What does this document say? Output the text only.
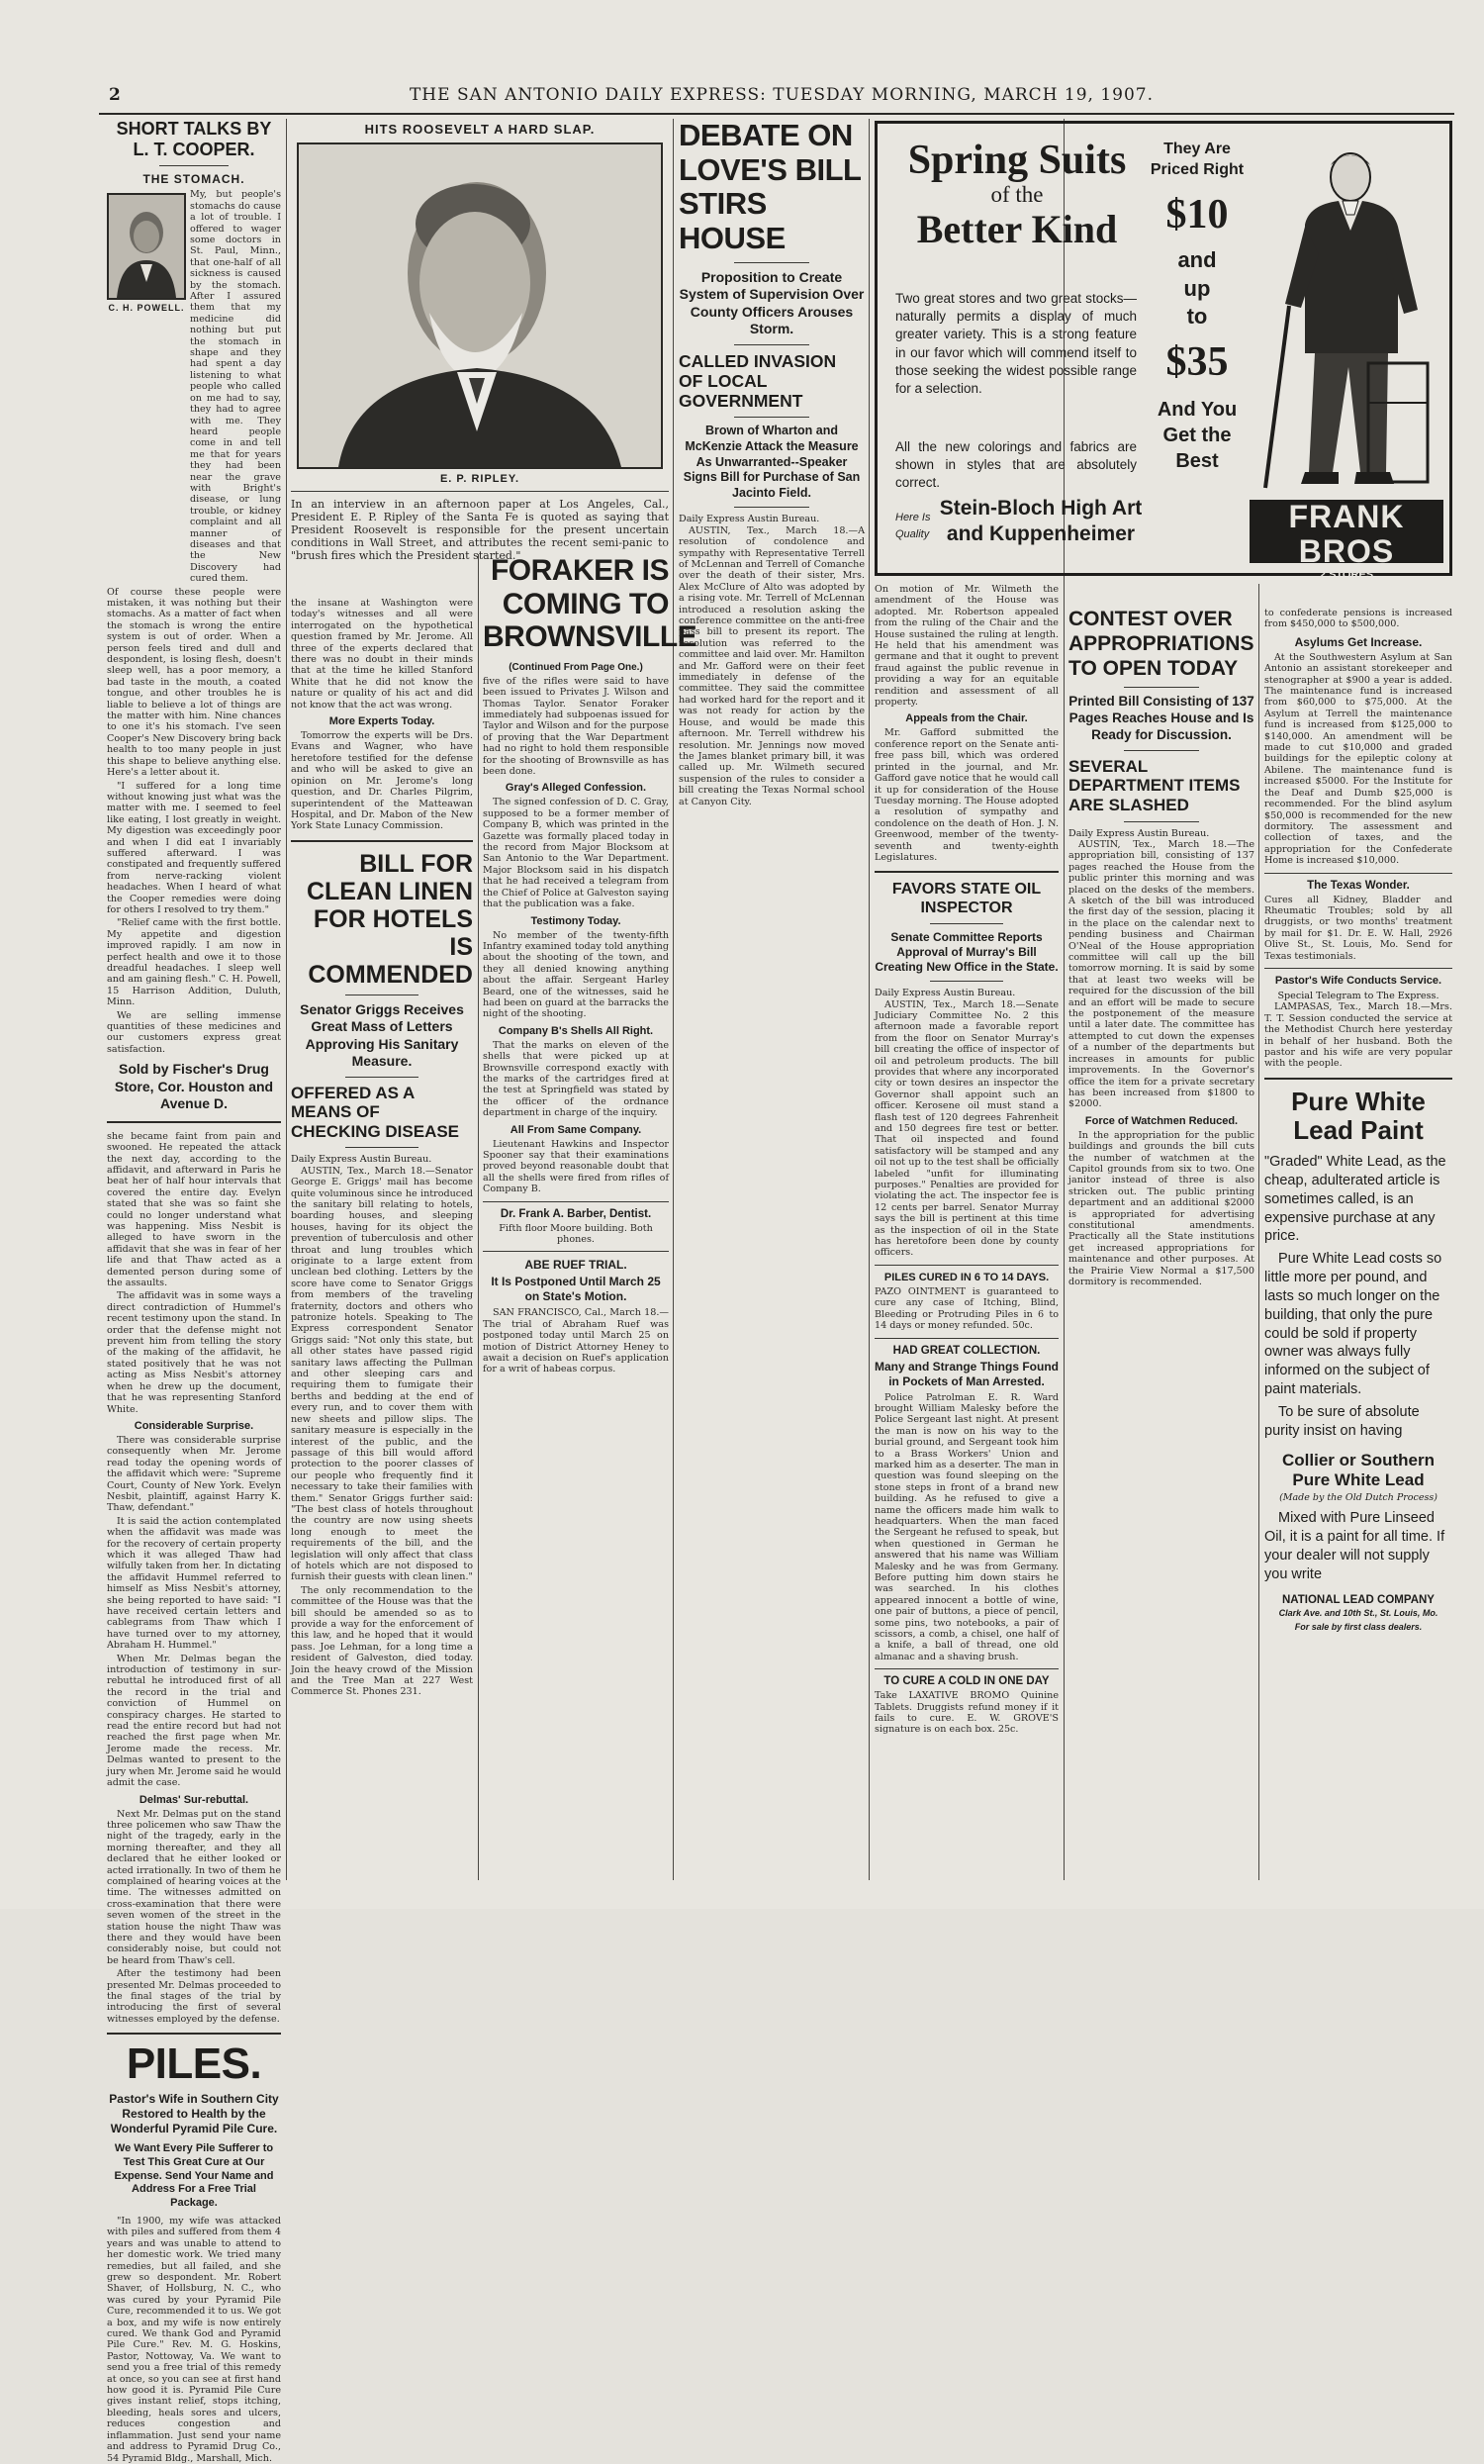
2	THE SAN ANTONIO DAILY EXPRESS: TUESDAY MORNING, MARCH 19, 1907.
SHORT TALKS BY L. T. COOPER.
THE STOMACH.
C. H. POWELL.
My, but people's stomachs do cause a lot of trouble. I offered to wager some doctors in St. Paul, Minn., that one-half of all sickness is caused by the stomach. After I assured them that my medicine did nothing but put the stomach in shape and they had spent a day listening to what people who called on me had to say, they had to agree with me. They heard people come in and tell me that for years they had been near the grave with Bright's disease, or lung trouble, or kidney complaint and all manner of diseases and that the New Discovery had cured them.
Of course these people were mistaken, it was nothing but their stomachs. As a matter of fact when the stomach is wrong the entire system is out of order. When a person feels tired and dull and despondent, is losing flesh, doesn't sleep well, has a poor memory, a bad taste in the mouth, a coated tongue, and other troubles he is liable to believe a lot of things are the matter with him. Nine chances to one it's his stomach. I've seen Cooper's New Discovery bring back health to too many people in just this shape to believe anything else. Here's a letter about it.
"I suffered for a long time without knowing just what was the matter with me. I seemed to feel like eating, I lost greatly in weight. My digestion was exceedingly poor and when I did eat I invariably suffered afterward. I was constipated and frequently suffered from nerve-racking violent headaches. When I heard of what the Cooper remedies were doing for others I resolved to try them."
"Relief came with the first bottle. My appetite and digestion improved rapidly. I am now in perfect health and owe it to those dreadful headaches. I sleep well and am gaining flesh." C. H. Powell, 15 Harrison Addition, Duluth, Minn.
We are selling immense quantities of these medicines and our customers express great satisfaction.
Sold by Fischer's Drug Store, Cor. Houston and Avenue D.
she became faint from pain and swooned. He repeated the attack the next day, according to the affidavit, and afterward in Paris he beat her of half hour intervals that covered the entire day. Evelyn stated that she was so faint she could no longer understand what was happening. Miss Nesbit is alleged to have sworn in the affidavit that she was in fear of her life and that Thaw acted as a demented person during some of the assaults.
The affidavit was in some ways a direct contradiction of Hummel's recent testimony upon the stand. In order that the defense might not prevent him from telling the story of the making of the affidavit, he stated positively that he was not acting as Miss Nesbit's attorney when he drew up the document, that he was representing Stanford White.
Considerable Surprise.
There was considerable surprise consequently when Mr. Jerome read today the opening words of the affidavit which were: "Supreme Court, County of New York. Evelyn Nesbit, plaintiff, against Harry K. Thaw, defendant."
It is said the action contemplated when the affidavit was made was for the recovery of certain property which it was alleged Thaw had wilfully taken from her. In dictating the affidavit Hummel referred to himself as Miss Nesbit's attorney, she being reported to have said: "I have received certain letters and cablegrams from Thaw which I have turned over to my attorney, Abraham H. Hummel."
When Mr. Delmas began the introduction of testimony in sur-rebuttal he introduced first of all the record in the trial and conviction of Hummel on conspiracy charges. He started to read the entire record but had not reached the first page when Mr. Jerome made the recess. Mr. Delmas wanted to present to the jury when Mr. Jerome said he would admit the case.
Delmas' Sur-rebuttal.
Next Mr. Delmas put on the stand three policemen who saw Thaw the night of the tragedy, early in the morning thereafter, and they all declared that he either looked or acted irrationally. In two of them he complained of hearing voices at the time. The witnesses admitted on cross-examination that there were seven women of the street in the station house the night Thaw was there and they would have been considerably noise, but could not be heard from Thaw's cell.
After the testimony had been presented Mr. Delmas proceeded to the final stages of the trial by introducing the first of several witnesses employed by the defense.
PILES.
Pastor's Wife in Southern City Restored to Health by the Wonderful Pyramid Pile Cure.
We Want Every Pile Sufferer to Test This Great Cure at Our Expense. Send Your Name and Address For a Free Trial Package.
"In 1900, my wife was attacked with piles and suffered from them 4 years and was unable to attend to her domestic work. We tried many remedies, but all failed, and she grew so despondent. Mr. Robert Shaver, of Hollsburg, N. C., who was cured by your Pyramid Pile Cure, recommended it to us. We got a box, and my wife is now entirely cured. We thank God and Pyramid Pile Cure." Rev. M. G. Hoskins, Pastor, Nottoway, Va. We want to send you a free trial of this remedy at once, so you can see at first hand how good it is. Pyramid Pile Cure gives instant relief, stops itching, bleeding, heals sores and ulcers, reduces congestion and inflammation. Just send your name and address to Pyramid Drug Co., 54 Pyramid Bldg., Marshall, Mich.
HITS ROOSEVELT A HARD SLAP.
E. P. RIPLEY.
In an interview in an afternoon paper at Los Angeles, Cal., President E. P. Ripley of the Santa Fe is quoted as saying that President Roosevelt is responsible for the present uncertain conditions in Wall Street, and attributes the recent semi-panic to "brush fires which the President started."
the insane at Washington were today's witnesses and all were interrogated on the hypothetical question framed by Mr. Jerome. All three of the experts declared that there was no doubt in their minds that at the time he killed Stanford White that he did not know the nature or quality of his act and did not know that the act was wrong.
More Experts Today.
Tomorrow the experts will be Drs. Evans and Wagner, who have heretofore testified for the defense and who will be asked to give an opinion on Mr. Jerome's long question, and Dr. Charles Pilgrim, superintendent of the Matteawan Hospital, and Dr. Mabon of the New York State Lunacy Commission.
BILL FOR CLEAN LINEN FOR HOTELS IS COMMENDED
Senator Griggs Receives Great Mass of Letters Approving His Sanitary Measure.
OFFERED AS A MEANS OF CHECKING DISEASE
Daily Express Austin Bureau.
AUSTIN, Tex., March 18.—Senator George E. Griggs' mail has become quite voluminous since he introduced the sanitary bill relating to hotels, boarding houses, and sleeping houses, having for its object the prevention of tuberculosis and other throat and lung troubles which originate to a large extent from unclean bed clothing. Letters by the score have come to Senator Griggs from members of the traveling fraternity, doctors and others who patronize hotels. Speaking to The Express correspondent Senator Griggs said: "Not only this state, but all other states have passed rigid sanitary laws affecting the Pullman and other sleeping cars and requiring them to fumigate their berths and bedding at the end of every run, and to cover them with new sheets and pillow slips. The sanitary measure is especially in the interest of the public, and the passage of this bill would afford protection to the poorer classes of our people who frequently find it necessary to take their families with them." Senator Griggs further said: "The best class of hotels throughout the country are now using sheets long enough to meet the requirements of the bill, and the legislation will only affect that class of hotels which are not disposed to furnish their guests with clean linen."
The only recommendation to the committee of the House was that the bill should be amended so as to provide a way for the enforcement of this law, and he hoped that it would pass. Joe Lehman, for a long time a resident of Galveston, died today. Join the heavy crowd of the Mission and the Tree Man at 227 West Commerce St. Phones 231.
FORAKER IS COMING TO BROWNSVILLE
(Continued From Page One.)
five of the rifles were said to have been issued to Privates J. Wilson and Thomas Taylor. Senator Foraker immediately had subpoenas issued for Taylor and Wilson and for the purpose of proving that the War Department had no right to hold them responsible for the shooting of Brownsville as has been done.
Gray's Alleged Confession.
The signed confession of D. C. Gray, supposed to be a former member of Company B, which was printed in the Gazette was formally placed today in the record from Major Blocksom at San Antonio to the War Department. Major Blocksom said in his dispatch that he had received a telegram from the Chief of Police at Galveston saying that the publication was a fake.
Testimony Today.
No member of the twenty-fifth Infantry examined today told anything about the shooting of the town, and they all denied knowing anything about the affair. Sergeant Harley Beard, one of the witnesses, said he had been on guard at the barracks the night of the shooting.
Company B's Shells All Right.
That the marks on eleven of the shells that were picked up at Brownsville correspond exactly with the marks of the cartridges fired at the test at Springfield was stated by the officer of the ordnance department in charge of the inquiry.
All From Same Company.
Lieutenant Hawkins and Inspector Spooner say that their examinations proved beyond reasonable doubt that all the shells were fired from rifles of Company B.
Dr. Frank A. Barber, Dentist.
Fifth floor Moore building. Both phones.
ABE RUEF TRIAL.
It Is Postponed Until March 25 on State's Motion.
SAN FRANCISCO, Cal., March 18.—The trial of Abraham Ruef was postponed today until March 25 on motion of District Attorney Heney to await a decision on Ruef's application for a writ of habeas corpus.
DEBATE ON LOVE'S BILL STIRS HOUSE
Proposition to Create System of Supervision Over County Officers Arouses Storm.
CALLED INVASION OF LOCAL GOVERNMENT
Brown of Wharton and McKenzie Attack the Measure As Unwarranted--Speaker Signs Bill for Purchase of San Jacinto Field.
Daily Express Austin Bureau.
AUSTIN, Tex., March 18.—A resolution of condolence and sympathy with Representative Terrell of McLennan and Terrell of Comanche over the death of their sister, Mrs. Alex McClure of Alto was adopted by a rising vote. Mr. Terrell of McLennan introduced a resolution asking the conference committee on the anti-free pass bill to present its report. The resolution was referred to the committee and laid over. Mr. Hamilton and Mr. Gafford were on their feet immediately in defense of the committee. They said the committee had worked hard for the report and it was not ready for action by the House, and would be made this afternoon. Mr. Terrell withdrew his resolution. Mr. Jennings now moved the James blanket primary bill, it was called up. Mr. Wilmeth secured suspension of the rules to consider a bill creating the Texas Normal school at Canyon City.
On motion of Mr. Wilmeth the amendment of the House was adopted. Mr. Robertson appealed from the ruling of the Chair and the House sustained the ruling at length. He held that his amendment was germane and that it ought to prevent fraud against the public revenue in providing a way for an equitable rendition and assessment of all property.
Appeals from the Chair.
Mr. Gafford submitted the conference report on the Senate anti-free pass bill, which was ordered printed in the journal, and Mr. Gafford gave notice that he would call it up for consideration of the House Tuesday morning. The House adopted a resolution of sympathy and condolence on the death of Hon. J. N. Greenwood, member of the twenty-seventh and twenty-eighth Legislatures.
FAVORS STATE OIL INSPECTOR
Senate Committee Reports Approval of Murray's Bill Creating New Office in the State.
Daily Express Austin Bureau.
AUSTIN, Tex., March 18.—Senate Judiciary Committee No. 2 this afternoon made a favorable report from the floor on Senator Murray's bill creating the office of inspector of oil and petroleum products. The bill provides that where any incorporated city or town desires an inspector the Governor shall appoint such an officer. Kerosene oil must stand a flash test of 120 degrees Fahrenheit and 150 degrees fire test or better. That oil inspected and found satisfactory will be stamped and any oil not up to the test shall be officially labeled "unfit for illuminating purposes." Penalties are provided for violating the act. The inspector fee is 12 cents per barrel. Senator Murray says the bill is pertinent at this time as the inspection of oil in the State has heretofore been done by county officers.
PILES CURED IN 6 TO 14 DAYS.
PAZO OINTMENT is guaranteed to cure any case of Itching, Blind, Bleeding or Protruding Piles in 6 to 14 days or money refunded. 50c.
HAD GREAT COLLECTION.
Many and Strange Things Found in Pockets of Man Arrested.
Police Patrolman E. R. Ward brought William Malesky before the Police Sergeant last night. At present the man is now on his way to the burial ground, and Sergeant took him to a Brass Workers' Union and marked him as a deserter. The man in question was found sleeping on the stone steps in front of a brand new building. As he refused to give a name the officers made him walk to headquarters. When the man faced the Sergeant he refused to speak, but when questioned in German he answered that his name was William Malesky and he was from Germany. Before putting him down stairs he was searched. In his clothes appeared innocent a bottle of wine, one pair of buttons, a piece of pencil, some pins, two notebooks, a pair of scissors, a comb, a chisel, one half of a knife, a ball of thread, one old almanac and a shaving brush.
TO CURE A COLD IN ONE DAY
Take LAXATIVE BROMO Quinine Tablets. Druggists refund money if it fails to cure. E. W. GROVE'S signature is on each box. 25c.
CONTEST OVER APPROPRIATIONS TO OPEN TODAY
Printed Bill Consisting of 137 Pages Reaches House and Is Ready for Discussion.
SEVERAL DEPARTMENT ITEMS ARE SLASHED
Daily Express Austin Bureau.
AUSTIN, Tex., March 18.—The appropriation bill, consisting of 137 pages reached the House from the public printer this morning and was placed on the desks of the members. A sketch of the bill was introduced the first day of the session, placing it in the place on the calendar next to pending business and Chairman O'Neal of the House appropriation committee will call up the bill tomorrow morning. It is said by some that at least two weeks will be required for the discussion of the bill and an effort will be made to secure the postponement of the measure until a later date. The committee has attempted to cut down the expenses of a number of the departments but increases in amounts for public improvements. In the Governor's office the item for a private secretary has been increased from $1800 to $2000.
Force of Watchmen Reduced.
In the appropriation for the public buildings and grounds the bill cuts the number of watchmen at the Capitol grounds from six to two. One janitor instead of three is also stricken out. The public printing department and an additional $2000 is appropriated for advertising constitutional amendments. Practically all the State institutions get increased appropriations for maintenance and other purposes. At the Prairie View Normal a $17,500 dormitory is recommended.
to confederate pensions is increased from $450,000 to $500,000.
Asylums Get Increase.
At the Southwestern Asylum at San Antonio an assistant storekeeper and stenographer at $900 a year is added. The maintenance fund is increased from $60,000 to $75,000. At the Asylum at Terrell the maintenance fund is increased from $125,000 to $140,000. An amendment will be made to cut $10,000 and graded buildings for the epileptic colony at Abilene. The maintenance fund is increased $5000. For the Institute for the Deaf and Dumb $25,000 is recommended. For the blind asylum $50,000 is recommended for the new dormitory. The assessment and collection of taxes, and the appropriation for the Confederate Home is increased $10,000.
The Texas Wonder.
Cures all Kidney, Bladder and Rheumatic Troubles; sold by all druggists, or two months' treatment by mail for $1. Dr. E. W. Hall, 2926 Olive St., St. Louis, Mo. Send for Texas testimonials.
Pastor's Wife Conducts Service.
Special Telegram to The Express.
LAMPASAS, Tex., March 18.—Mrs. T. T. Session conducted the service at the Methodist Church here yesterday in behalf of her husband. Both the pastor and his wife are very popular with the people.
Pure White Lead Paint
"Graded" White Lead, as the cheap, adulterated article is sometimes called, is an expensive purchase at any price.
Pure White Lead costs so little more per pound, and lasts so much longer on the building, that only the pure could be sold if property owner was always fully informed on the subject of paint materials.
To be sure of absolute purity insist on having
Collier or Southern Pure White Lead
(Made by the Old Dutch Process)
Mixed with Pure Linseed Oil, it is a paint for all time. If your dealer will not supply you write
NATIONAL LEAD COMPANY
Clark Ave. and 10th St., St. Louis, Mo.
For sale by first class dealers.
Spring Suits
of the
Better Kind
They Are
Priced Right
$10
and
up
to
$35
And You Get the Best
Two great stores and two great stocks—naturally permits a display of much greater variety. This is a strong feature in our favor which will commend itself to those seeking the widest possible range for a selection.
All the new colorings and fabrics are shown in styles that are absolutely correct.
Here Is Quality
Stein-Bloch High Art and Kuppenheimer	FRANK BROS
2 STORES
MAIN PLAZA • ALAMO PLAZA
